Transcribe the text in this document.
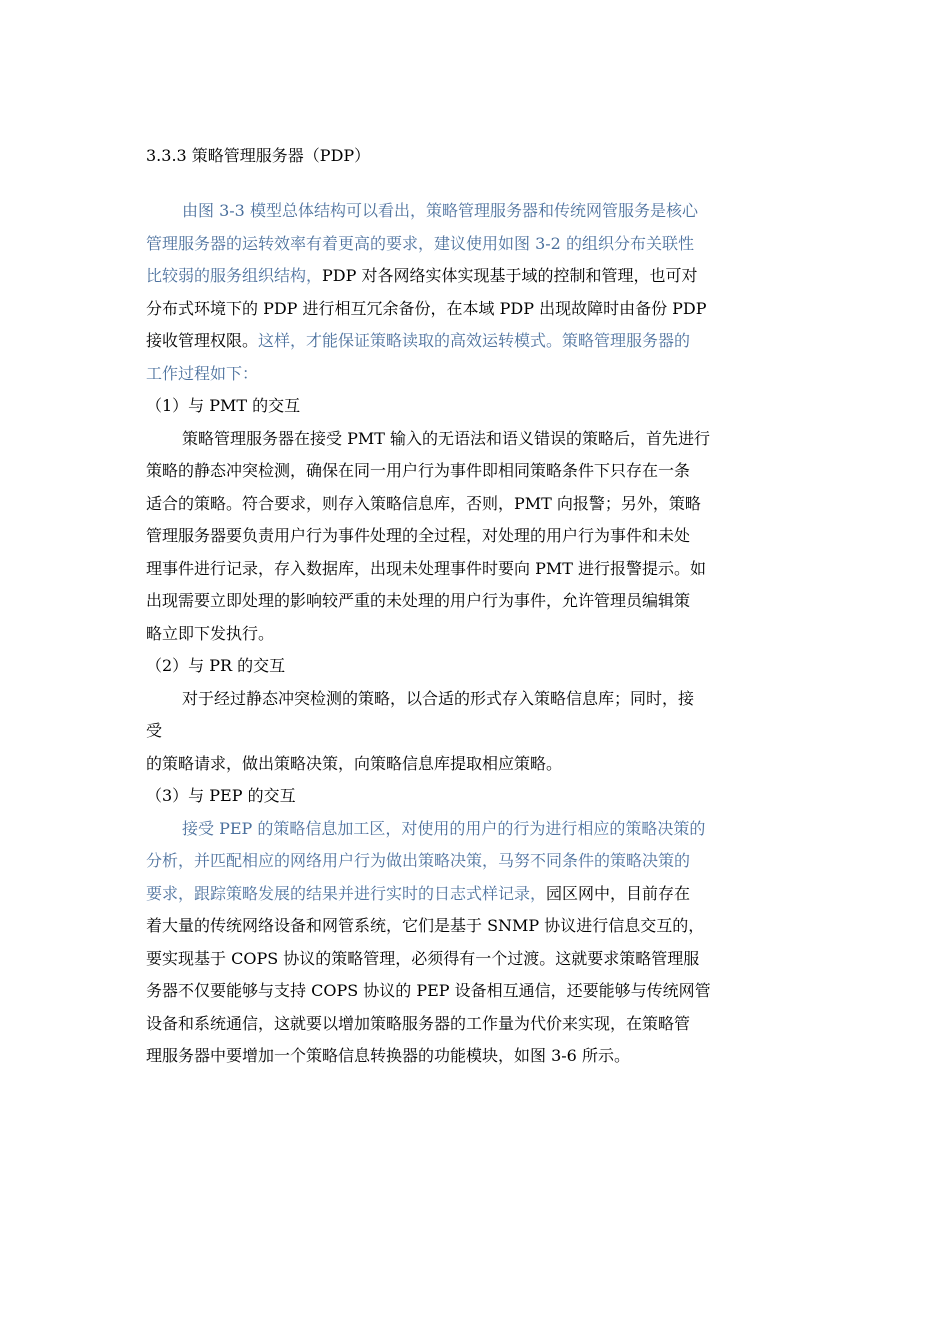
3.3.3 策略管理服务器（PDP）
由图 3-3 模型总体结构可以看出，策略管理服务器和传统网管服务是核心
管理服务器的运转效率有着更高的要求，建议使用如图 3-2 的组织分布关联性
比较弱的服务组织结构，PDP 对各网络实体实现基于域的控制和管理，也可对
分布式环境下的 PDP 进行相互冗余备份，在本域 PDP 出现故障时由备份 PDP
接收管理权限。这样，才能保证策略读取的高效运转模式。策略管理服务器的
工作过程如下：
（1）与 PMT 的交互
策略管理服务器在接受 PMT 输入的无语法和语义错误的策略后，首先进行
策略的静态冲突检测，确保在同一用户行为事件即相同策略条件下只存在一条
适合的策略。符合要求，则存入策略信息库，否则，PMT 向报警；另外，策略
管理服务器要负责用户行为事件处理的全过程，对处理的用户行为事件和未处
理事件进行记录，存入数据库，出现未处理事件时要向 PMT 进行报警提示。如
出现需要立即处理的影响较严重的未处理的用户行为事件，允许管理员编辑策
略立即下发执行。
（2）与 PR 的交互
对于经过静态冲突检测的策略，以合适的形式存入策略信息库；同时，接
受
的策略请求，做出策略决策，向策略信息库提取相应策略。
（3）与 PEP 的交互
接受 PEP 的策略信息加工区，对使用的用户的行为进行相应的策略决策的
分析，并匹配相应的网络用户行为做出策略决策，马努不同条件的策略决策的
要求，跟踪策略发展的结果并进行实时的日志式样记录，园区网中，目前存在
着大量的传统网络设备和网管系统，它们是基于 SNMP 协议进行信息交互的，
要实现基于 COPS 协议的策略管理，必须得有一个过渡。这就要求策略管理服
务器不仅要能够与支持 COPS 协议的 PEP 设备相互通信，还要能够与传统网管
设备和系统通信，这就要以增加策略服务器的工作量为代价来实现，在策略管
理服务器中要增加一个策略信息转换器的功能模块，如图 3-6 所示。
